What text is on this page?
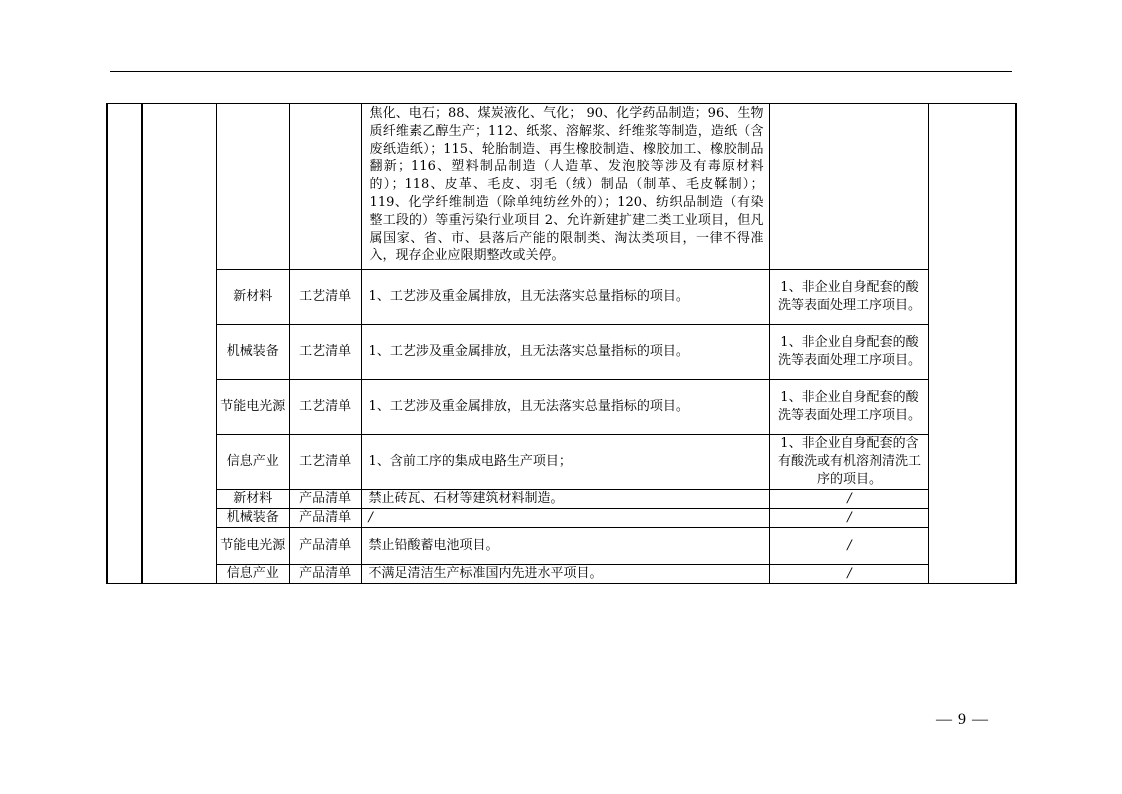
				焦化、电石；88、煤炭液化、气化； 90、化学药品制造；96、生物质纤维素乙醇生产；112、纸浆、溶解浆、纤维浆等制造，造纸（含废纸造纸）；115、轮胎制造、再生橡胶制造、橡胶加工、橡胶制品翻新；116、塑料制品制造（人造革、发泡胶等涉及有毒原材料的）；118、皮革、毛皮、羽毛（绒）制品（制革、毛皮鞣制）；119、化学纤维制造（除单纯纺丝外的）；120、纺织品制造（有染整工段的）等重污染行业项目 2、允许新建扩建二类工业项目，但凡属国家、省、市、县落后产能的限制类、淘汰类项目，一律不得准入，现存企业应限期整改或关停。		
		新材料	工艺清单	1、工艺涉及重金属排放，且无法落实总量指标的项目。	1、非企业自身配套的酸洗等表面处理工序项目。	
		机械装备	工艺清单	1、工艺涉及重金属排放，且无法落实总量指标的项目。	1、非企业自身配套的酸洗等表面处理工序项目。	
		节能电光源	工艺清单	1、工艺涉及重金属排放，且无法落实总量指标的项目。	1、非企业自身配套的酸洗等表面处理工序项目。	
		信息产业	工艺清单	1、含前工序的集成电路生产项目；	1、非企业自身配套的含有酸洗或有机溶剂清洗工序的项目。	
		新材料	产品清单	禁止砖瓦、石材等建筑材料制造。	/	
		机械装备	产品清单	/	/	
		节能电光源	产品清单	禁止铅酸蓄电池项目。	/	
		信息产业	产品清单	不满足清洁生产标准国内先进水平项目。	/	
— 9 —
